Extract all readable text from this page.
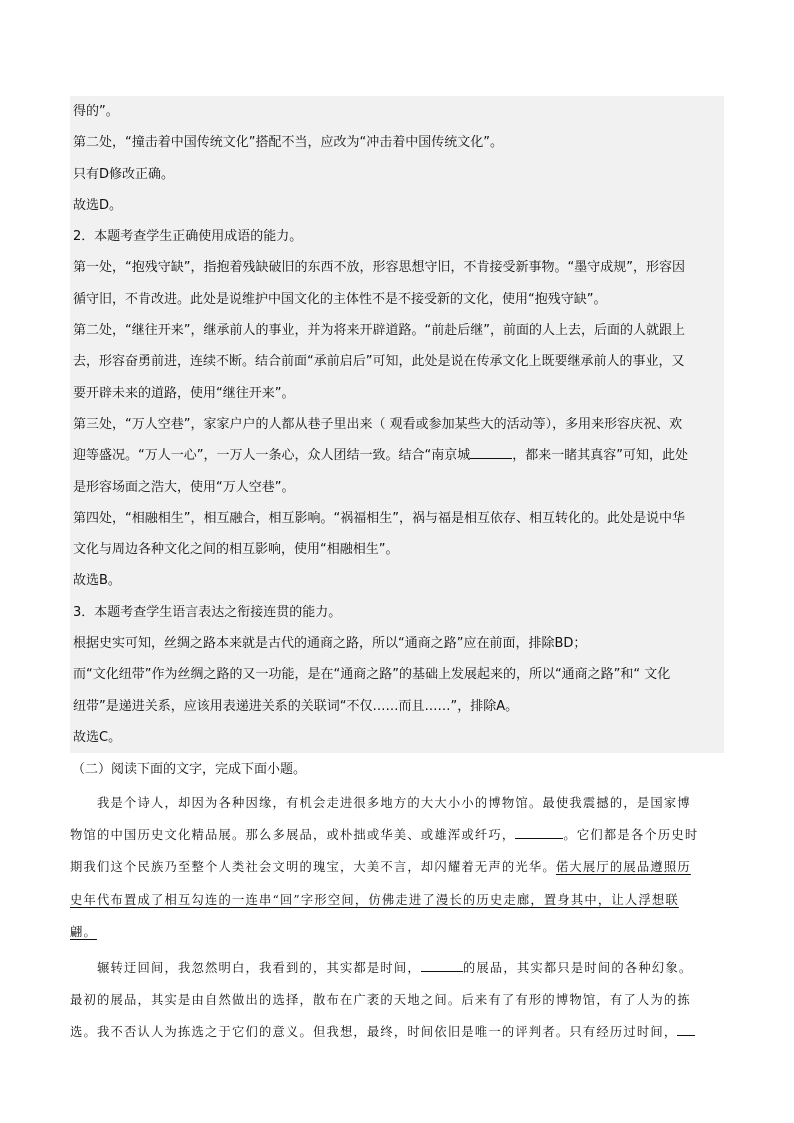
得的”。

第二处，“撞击着中国传统文化”搭配不当，应改为“冲击着中国传统文化”。

只有D修改正确。

故选D。

2．本题考查学生正确使用成语的能力。

第一处，“抱残守缺”，指抱着残缺破旧的东西不放，形容思想守旧，不肯接受新事物。“墨守成规”，形容因

循守旧，不肯改进。此处是说维护中国文化的主体性不是不接受新的文化，使用“抱残守缺”。

第二处，“继往开来”，继承前人的事业，并为将来开辟道路。“前赴后继”，前面的人上去，后面的人就跟上

去，形容奋勇前进，连续不断。结合前面“承前启后”可知，此处是说在传承文化上既要继承前人的事业，又

要开辟未来的道路，使用“继往开来”。

第三处，“万人空巷”，家家户户的人都从巷子里出来（ 观看或参加某些大的活动等），多用来形容庆祝、欢

迎等盛况。“万人一心”，一万人一条心，众人团结一致。结合“南京城	，都来一睹其真容”可知，此处

是形容场面之浩大，使用“万人空巷”。

第四处，“相融相生”，相互融合，相互影响。“祸福相生”，祸与福是相互依存、相互转化的。此处是说中华

文化与周边各种文化之间的相互影响，使用“相融相生”。

故选B。

3．本题考查学生语言表达之衔接连贯的能力。

根据史实可知，丝绸之路本来就是古代的通商之路，所以“通商之路”应在前面，排除BD；

而“文化纽带”作为丝绸之路的又一功能，是在“通商之路”的基础上发展起来的，所以“通商之路”和“ 文化

纽带”是递进关系，应该用表递进关系的关联词“不仅……而且……”，排除A。

故选C。

（二）阅读下面的文字，完成下面小题。

　　我是个诗人，却因为各种因缘，有机会走进很多地方的大大小小的博物馆。最使我震撼的，是国家博

物馆的中国历史文化精品展。那么多展品，或朴拙或华美、或雄浑或纤巧，	。它们都是各个历史时

期我们这个民族乃至整个人类社会文明的瑰宝，大美不言，却闪耀着无声的光华。偌大展厅的展品遵照历

史年代布置成了相互勾连的一连串“回”字形空间，仿佛走进了漫长的历史走廊，置身其中，让人浮想联

翩。

　　辗转迂回间，我忽然明白，我看到的，其实都是时间，	的展品，其实都只是时间的各种幻象。

最初的展品，其实是由自然做出的选择，散布在广袤的天地之间。后来有了有形的博物馆，有了人为的拣

选。我不否认人为拣选之于它们的意义。但我想，最终，时间依旧是唯一的评判者。只有经历过时间，
